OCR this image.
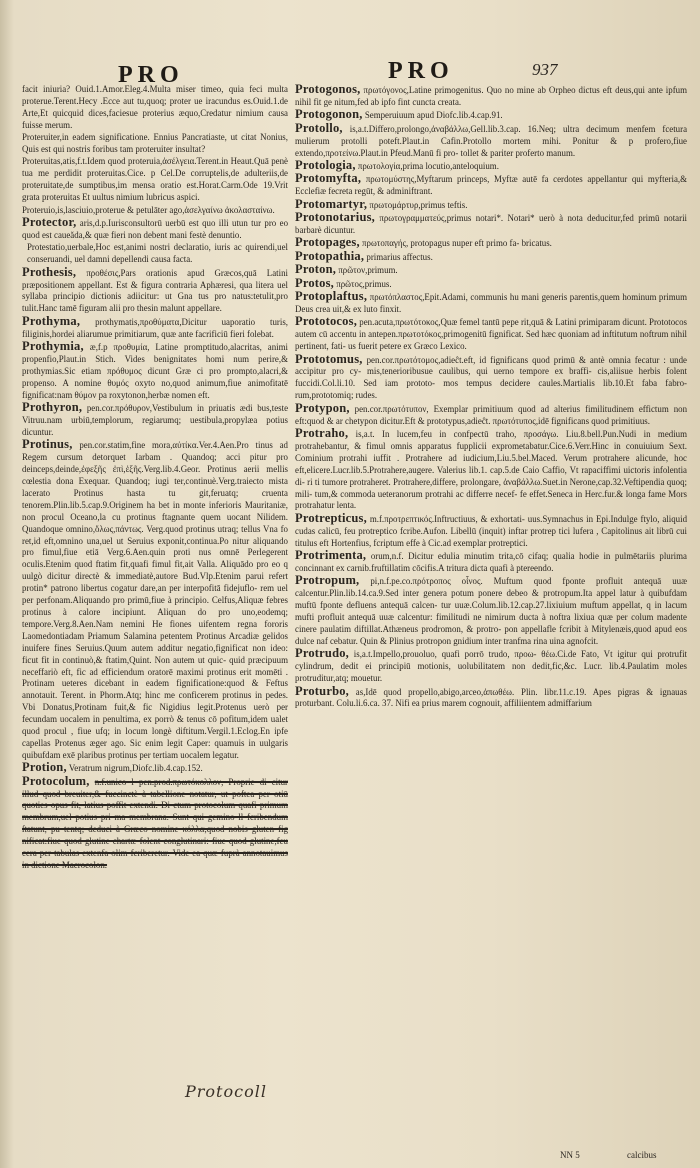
PRO	PRO	937

facit iniuria? Ouid.1.Amor.Eleg.4.Multa miser timeo, quia feci multa proterue.Terent.Hecy .Ecce aut tu,quoq; proter ue iracundus es.Ouid.1.de Arte,Et quicquid dices,faciesue proterius æquo,Credatur nimium causa fuisse merum.

Proteruiter,in eadem significatione. Ennius Pancratiaste, ut citat Nonius, Quis est qui nostris foribus tam proteruiter insultat?

Proteruitas,atis,f.t.Idem quod proteruia,ἀσέλγεια.Terent.in Heaut.Quā penè tua me perdidit proteruitas.Cice. p Cel.De corruptelis,de adulteriis,de proteruitate,de sumptibus,im mensa oratio est.Horat.Carm.Ode 19.Vrit grata proteruitas Et uultus nimium lubricus aspici.

Proteruio,is,lasciuio,proterue & petulāter ago,ἀσελγαίνω ἀκολασταίνω.

Protector, aris,d.p.Iurisconsultorū uerbū est quo illi utun tur pro eo quod est caueăda,& quæ fieri non debent mani festè denuntio.

Protestatio,uerbale,Hoc est,animi nostri declaratio, iuris ac quirendi,uel conseruandi, uel damni depellendi causa facta.

Prothesis, προθέσις,Pars orationis apud Græcos,quā Latini præpositionem appellant. Est & figura contraria Aphæresi, qua litera uel syllaba principio dictionis adiicitur: ut Gna tus pro natus:tetulit,pro tulit.Hanc tamē figuram alii pro thesin malunt appellare.

Prothyma, prothymatis,προθύματα,Dicitur uaporatio turis, filiginis,hordei aliarumue primitiarum, quæ ante facrificiū fieri folebat.

Prothymia, æ,f.p προθυμία, Latine promptitudo,alacritas, animi propenfio,Plaut.in Stich. Vides benignitates homi num perire,& prothymias.Sic etiam πρόθυμος dicunt Græ ci pro prompto,alacri,& propenso. A nomine θυμός oxyto no,quod animum,fiue animofitatē fignificat:nam θύμον pa roxytonon,herbæ nomen eft.

Prothyron, pen.cor.πρόθυρον,Vestibulum in priuatis ædi bus,teste Vitruu.nam urbiū,templorum, regiarumq; uestibula,propylæa potius dicuntur.

Protinus, pen.cor.statim,fine mora,αὐτίκα.Ver.4.Aen.Pro tinus ad Regem cursum detorquet Iarbam . Quandoq; acci pitur pro deinceps,deinde,ἐφεξῆς ἐπὶ,ἑξῆς.Verg.lib.4.Geor. Protinus aerii mellis cœlestia dona Exequar. Quandoq; iugi ter,continuè.Verg.traiecto mista lacerato Protinus hasta tu git,feruatq; cruenta tenorem.Plin.lib.5.cap.9.Originem ha bet in monte inferioris Mauritaniæ, non procul Oceano,la cu protinus ftagnante quem uocant Nilidem. Quandoque omnino,ὅλως,πάντως. Verg.quod protinus utraq; tellus Vna fo ret,id eft,omnino una,uel ut Seruius exponit,continua.Po nitur aliquando pro fimul,fiue etiā Verg.6.Aen.quin proti nus omnē Perlegerent oculis.Etenim quod ftatim fit,quafi fimul fit,ait Valla. Aliquādo pro eo q uulgò dicitur directè & immediatè,autore Bud.Vlp.Etenim parui refert protin* patrono libertus cogatur dare,an per interpofitā fidejuflo- rem uel per perfonam.Aliquando pro primū,fiue à principio. Celfus,Aliquæ febres protinus à calore incipiunt. Aliquan do pro uno,eodemq; tempore.Verg.8.Aen.Nam nemini He fiones uifentem regna fororis Laomedontiadam Priamum Salamina petentem Protinus Arcadiæ gelidos inuifere fines Seruius.Quum autem additur negatio,fignificat non ideo: ficut fit in continuò,& ftatim,Quint. Non autem ut quic- quid præcipuum neceffariò eft, fic ad efficiendum oratorē maximi protinus erit momēti . Protinam ueteres dicebant in eadem fignificatione:quod & Feftus annotauit. Terent. in Phorm.Atq; hinc me conficerem protinus in pedes. Vbi Donatus,Protinam fuit,& fic Nigidius legit.Protenus uerò per fecundam uocalem in penultima, ex porrò & tenus cō pofitum,idem ualet quod procul , fiue ufq; in locum longè diftitum.Vergil.1.Eclog.En ipfe capellas Protenus æger ago. Sic enim legit Caper: quamuis in uulgaris quibufdam exē plaribus protinus per tertiam uocalem legatur.

Protion, Veratrum nigrum,Diofc.lib.4.cap.152.

Protocolum, n.f.unico l pen.prod.πρωτόκολλον, Proprie di citur illud quod breuiter,& fuccinctè à tabellione notatur, ut poftea per otiū quoties opus fit, latius poffit extendi. Di ctum protocolum quafi primum membrum,uel potius pri ma membrana. Sunt qui gemino ll fcribendum ſtatunt, pu tentq; deduci à Græco nomine κόλλα,quod nobis gluten fig nificat:fiue quod glutine chartæ folent conglutinari: fiue quod glutine,feu cera per tabulas extenfa olim fcriberetur. Vide ea quæ fuprà annotauimus in dictione Macrocolon.

Protogonos, πρωτόγονος,Latine primogenitus. Quo no mine ab Orpheo dictus eft deus,qui ante ipfum nihil fit ge nitum,fed ab ipfo fint cuncta creata.

Protogonon, Semperuiuum apud Diofc.lib.4.cap.91.

Protollo, is,a.t.Differo,prolongo,ἀναβάλλω,Gell.lib.3.cap. 16.Neq; ultra decimum menfem fcetura mulierum protolli poteft.Plaut.in Cafin.Protollo mortem mihi. Ponitur & p profero,fiue extendo,προτείνω.Plaut.in Pfeud.Manū fi pro- tollet & pariter proferto manum.

Protologia, πρωτολογία,prima locutio,anteloquium.

Protomyfta, πρωτομύστης,Myftarum princeps, Myftæ autē fa cerdotes appellantur qui myfteria,& Ecclefiæ fecreta regūt, & adminiftrant.

Protomartyr, πρωτομάρτυρ,primus teftis.

Protonotarius, πρωτογραμματεύς,primus notari*. Notari* uerò à nota deducitur,fed primū notarii barbarè dicuntur.

Protopages, πρωτοπαγής, protopagus nuper eft primo fa- bricatus.

Protopathia, primarius affectus.

Proton, πρῶτον,primum.

Protos, πρῶτος,primus.

Protoplaftus, πρωτόπλαστος,Epit.Adami, communis hu mani generis parentis,quem hominum primum Deus crea uit,& ex luto finxit.

Prototocos, pen.acuta,πρωτότοκος,Quæ femel tantū pepe rit,quā & Latini primiparam dicunt. Prototocos autem cū accentu in antepen.πρωτοτόκος,primogenitū fignificat. Sed hæc quoniam ad inftitutum noftrum nihil pertinent, fati- us fuerit petere ex Græco Lexico.

Prototomus, pen.cor.πρωτότομος,adieĉt.eft, id fignificans quod primū & antè omnia fecatur : unde accipitur pro cy- mis,tenerioribusue caulibus, qui uerno tempore ex braffi- cis,aliisue herbis folent fuccidi.Col.li.10. Sed iam prototo- mos tempus decidere caules.Martialis lib.10.Et faba fabro- rum,prototomiq; rudes.

Protypon, pen.cor.πρωτότυπον, Exemplar primitiuum quod ad alterius fimilitudinem effictum non eft:quod & ar chetypon dicitur.Eft & prototypus,adieĉt. πρωτότυπος,idē fignificans quod primitiuus.

Protraho, is,a.t. In lucem,feu in confpectū traho, προσάγω. Liu.8.bell.Pun.Nudi in medium protrahebantur, & fimul omnis apparatus fupplicii exprometabatur.Cice.6.Verr.Hinc in conuiuium Sext. Cominium protrahi iuffit . Protrahere ad iudicium,Liu.5.bel.Maced. Verum protrahere alicunde, hoc eft,elicere.Lucr.lib.5.Protrahere,augere. Valerius lib.1. cap.5.de Caio Caffio, Vt rapaciffimi uictoris infolentia di- ri ti tumore protraheret. Protrahere,differe, prolongare, ἀναβάλλω.Suet.in Nerone,cap.32.Veftipendia quoq; mili- tum,& commoda ueteranorum protrahi ac differre necef- fe effet.Seneca in Herc.fur.& longa fame Mors protrahatur lenta.

Protrepticus, m.f.προτρεπτικός.Inftructiuus, & exhortati- uus.Symnachus in Epi.Indulge ftylo, aliquid cudas calicū, feu protreptico fcribe.Aufon. Libellū (inquit) inftar protrep tici lufera , Capitolinus ait librū cui titulus eft Hortenfius, fcriptum effe à Cic.ad exemplar protreptici.

Protrimenta, orum,n.f. Dicitur edulia minutim trita,cō cifaq; qualia hodie in pulmētariis plurima concinnant ex carnib.fruftillatim cōcifis.A tritura dicta quafi à ptereendo.

Protropum, pi,n.f.pe.co.πρότροπος οἶνος. Muftum quod fponte profluit antequā uuæ calcentur.Plin.lib.14.ca.9.Sed inter genera potum ponere debeo & protropum.Ita appel latur à quibufdam muftū fponte defluens antequā calcen- tur uuæ.Colum.lib.12.cap.27.lixiuium muftum appellat, q in lacum mufti profluit antequā uuæ calcentur: fimilitudi ne nimirum ducta à noftra lixiua quæ per colum madente cinere paulatim diftillat.Athæneus prodromon, & protro- pon appellafle fcribit à Mitylenæis,quod apud eos dulce naf cebatur. Quin & Plinius protropon gnidium inter tranfma rina uina agnofcit.

Protrudo, is,a.t.Impello,prouoluo, quafi porrō trudo, προω- θέω.Ci.de Fato, Vt igitur qui protrufit cylindrum, dedit ei principiū motionis, uolubilitatem non dedit,fic,&c. Lucr. lib.4.Paulatim moles protruditur,atq; mouetur.

Proturbo, as,Idē quod propello,abigo,arceo,ἀπωθέω. Plin. libr.11.c.19. Apes pigras & ignauas proturbant. Colu.li.6.ca. 37. Nifi ea prius marem cognouit, affiliientem admiffarium

Protocoll
NN 5	calcibus
